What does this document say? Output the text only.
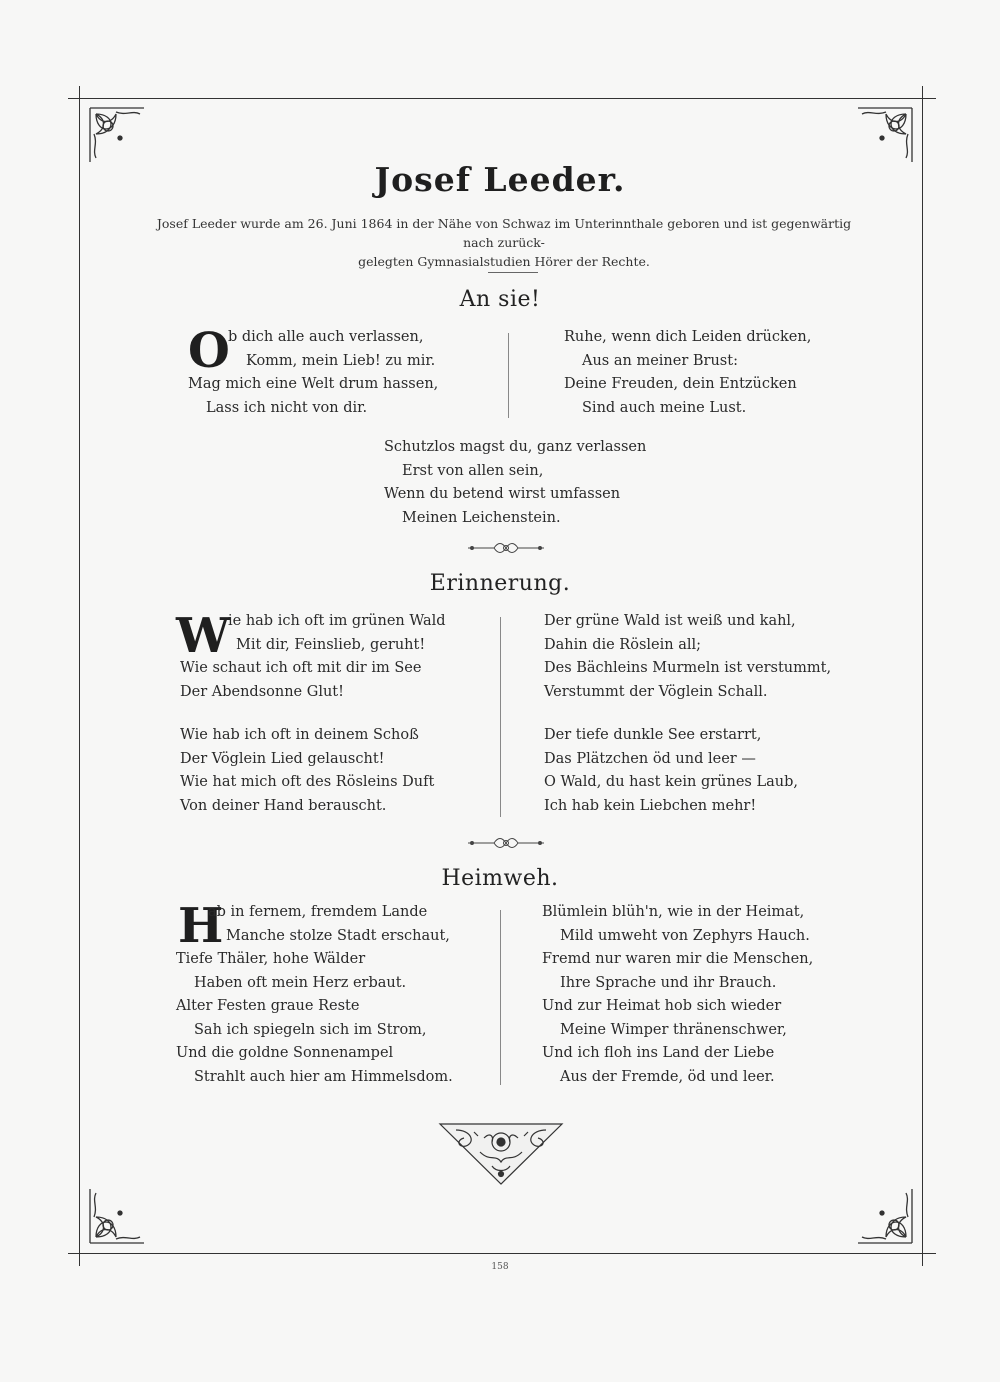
Josef Leeder.
Josef Leeder wurde am 26. Juni 1864 in der Nähe von Schwaz im Unterinnthale geboren und ist gegenwärtig nach zurück-
gelegten Gymnasialstudien Hörer der Rechte.
An sie!
O
b dich alle auch verlassen,
Komm, mein Lieb! zu mir.
Mag mich eine Welt drum hassen,
Lass ich nicht von dir.
Ruhe, wenn dich Leiden drücken,
Aus an meiner Brust:
Deine Freuden, dein Entzücken
Sind auch meine Lust.
Schutzlos magst du, ganz verlassen
Erst von allen sein,
Wenn du betend wirst umfassen
Meinen Leichenstein.
Erinnerung.
W
ie hab ich oft im grünen Wald
Mit dir, Feinslieb, geruht!
Wie schaut ich oft mit dir im See
Der Abendsonne Glut!
Wie hab ich oft in deinem Schoß
Der Vöglein Lied gelauscht!
Wie hat mich oft des Rösleins Duft
Von deiner Hand berauscht.
Der grüne Wald ist weiß und kahl,
Dahin die Röslein all;
Des Bächleins Murmeln ist verstummt,
Verstummt der Vöglein Schall.
Der tiefe dunkle See erstarrt,
Das Plätzchen öd und leer —
O Wald, du hast kein grünes Laub,
Ich hab kein Liebchen mehr!
Heimweh.
H
ab in fernem, fremdem Lande
Manche stolze Stadt erschaut,
Tiefe Thäler, hohe Wälder
Haben oft mein Herz erbaut.
Alter Festen graue Reste
Sah ich spiegeln sich im Strom,
Und die goldne Sonnenampel
Strahlt auch hier am Himmelsdom.
Blümlein blüh'n, wie in der Heimat,
Mild umweht von Zephyrs Hauch.
Fremd nur waren mir die Menschen,
Ihre Sprache und ihr Brauch.
Und zur Heimat hob sich wieder
Meine Wimper thränenschwer,
Und ich floh ins Land der Liebe
Aus der Fremde, öd und leer.
158
